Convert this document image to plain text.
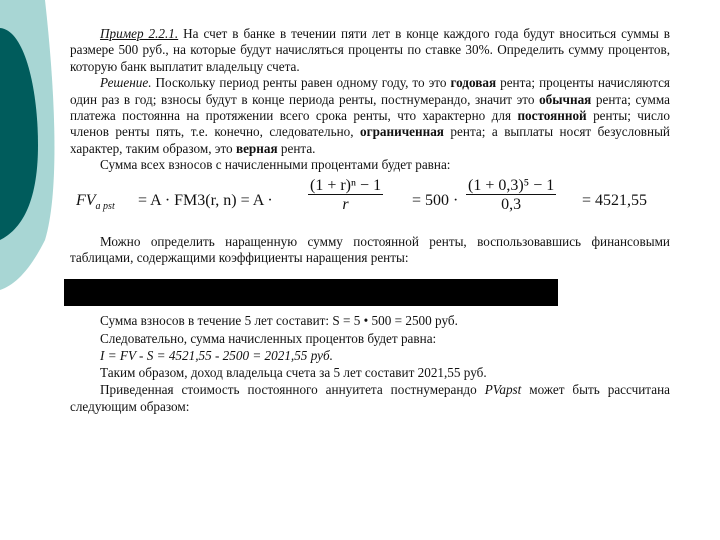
Пример 2.2.1. На счет в банке в течении пяти лет в конце каждого года будут вноситься суммы в размере 500 руб., на которые будут начисляться проценты по ставке 30%. Определить сумму процентов, которую банк выплатит владельцу счета.

Решение. Поскольку период ренты равен одному году, то это годовая рента; проценты начисляются один раз в год; взносы будут в конце периода ренты, постнумерандо, значит это обычная рента; сумма платежа постоянна на протяжении всего срока ренты, что характерно для постоянной ренты; число членов ренты пять, т.е. конечно, следовательно, ограниченная рента; а выплаты носят безусловный характер, таким образом, это верная рента.

Сумма всех взносов с начисленными процентами будет равна:

$FV_{a pst} = A \cdot FM3(r$, $n) = A \cdot \frac{\text{(1 + r)ⁿ − 1}}{r} = 500 \cdot \frac{\text{(1 + 0,3)⁵ − 1}}{0,3} = 4521,55$

Можно определить наращенную сумму постоянной ренты, воспользовавшись финансовыми таблицами, содержащими коэффициенты наращения ренты:

Сумма взносов в течение 5 лет составит: S = 5 • 500 = 2500 руб.

Следовательно, сумма начисленных процентов будет равна:

I = FV - S = 4521,55 - 2500 = 2021,55 руб.

Таким образом, доход владельца счета за 5 лет составит 2021,55 руб.

Приведенная стоимость постоянного аннуитета постнумерандо PVapst может быть рассчитана следующим образом:
